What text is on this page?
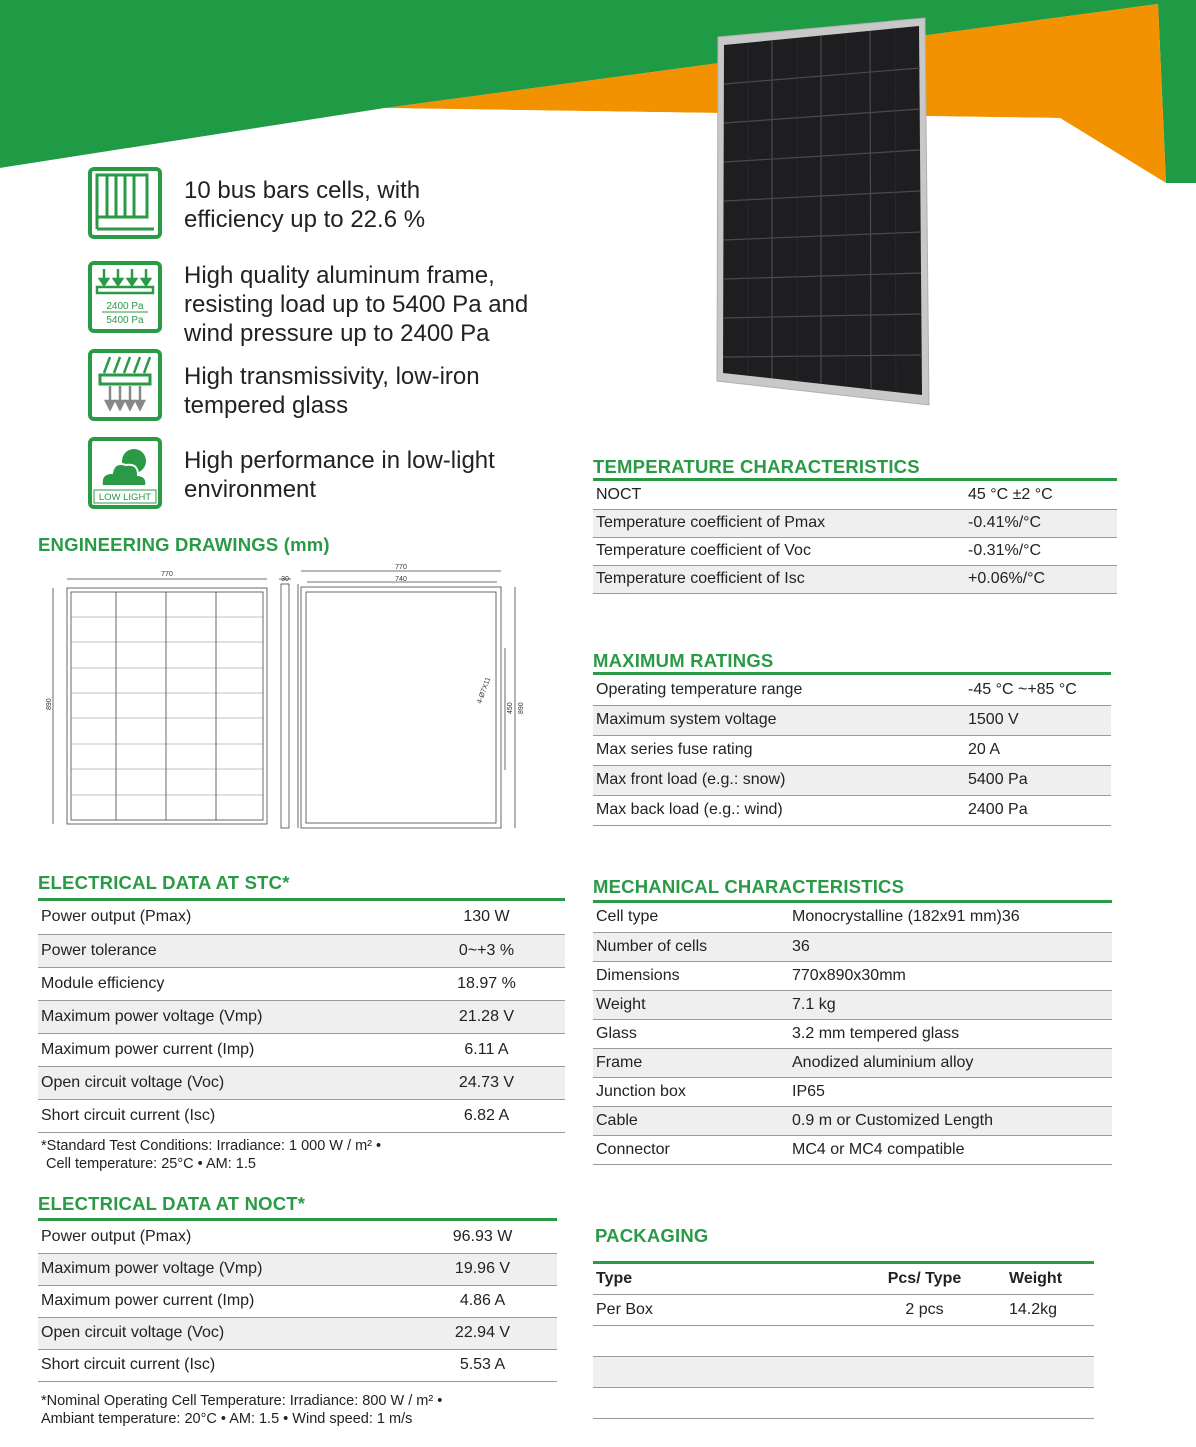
10 bus bars cells, with
efficiency up to 22.6 %
2400 Pa
5400 Pa
High quality aluminum frame,
resisting load up to 5400 Pa and
wind pressure up to 2400 Pa
High transmissivity, low-iron
tempered glass
LOW LIGHT
High performance in low-light
environment
ENGINEERING DRAWINGS (mm)
770
890
30
770
740
450 890
4-Ø7X11
TEMPERATURE CHARACTERISTICS
NOCT	45 °C ±2 °C
Temperature coefficient of Pmax	-0.41%/°C
Temperature coefficient of Voc	-0.31%/°C
Temperature coefficient of Isc	+0.06%/°C
MAXIMUM RATINGS
Operating temperature range	-45 °C ~+85 °C
Maximum system voltage	1500 V
Max series fuse rating	20 A
Max front load (e.g.: snow)	5400 Pa
Max back load (e.g.: wind)	2400 Pa
ELECTRICAL DATA AT STC*
Power output (Pmax)	130 W
Power tolerance	0~+3 %
Module efficiency	18.97 %
Maximum power voltage (Vmp)	21.28 V
Maximum power current (Imp)	6.11 A
Open circuit voltage (Voc)	24.73 V
Short circuit current (Isc)	6.82 A
*Standard Test Conditions: Irradiance: 1 000 W / m² •
Cell temperature: 25°C • AM: 1.5
ELECTRICAL DATA AT NOCT*
Power output (Pmax)	96.93 W
Maximum power voltage (Vmp)	19.96 V
Maximum power current (Imp)	4.86 A
Open circuit voltage (Voc)	22.94 V
Short circuit current (Isc)	5.53 A
*Nominal Operating Cell Temperature: Irradiance: 800 W / m² •
Ambiant temperature: 20°C • AM: 1.5 • Wind speed: 1 m/s
MECHANICAL CHARACTERISTICS
Cell type	Monocrystalline (182x91 mm)36
Number of cells	36
Dimensions	770x890x30mm
Weight	7.1 kg
Glass	3.2 mm tempered glass
Frame	Anodized aluminium alloy
Junction box	IP65
Cable	0.9 m or Customized Length
Connector	MC4 or MC4 compatible
PACKAGING
Type	Pcs/ Type	Weight
Per Box	2 pcs	14.2kg
